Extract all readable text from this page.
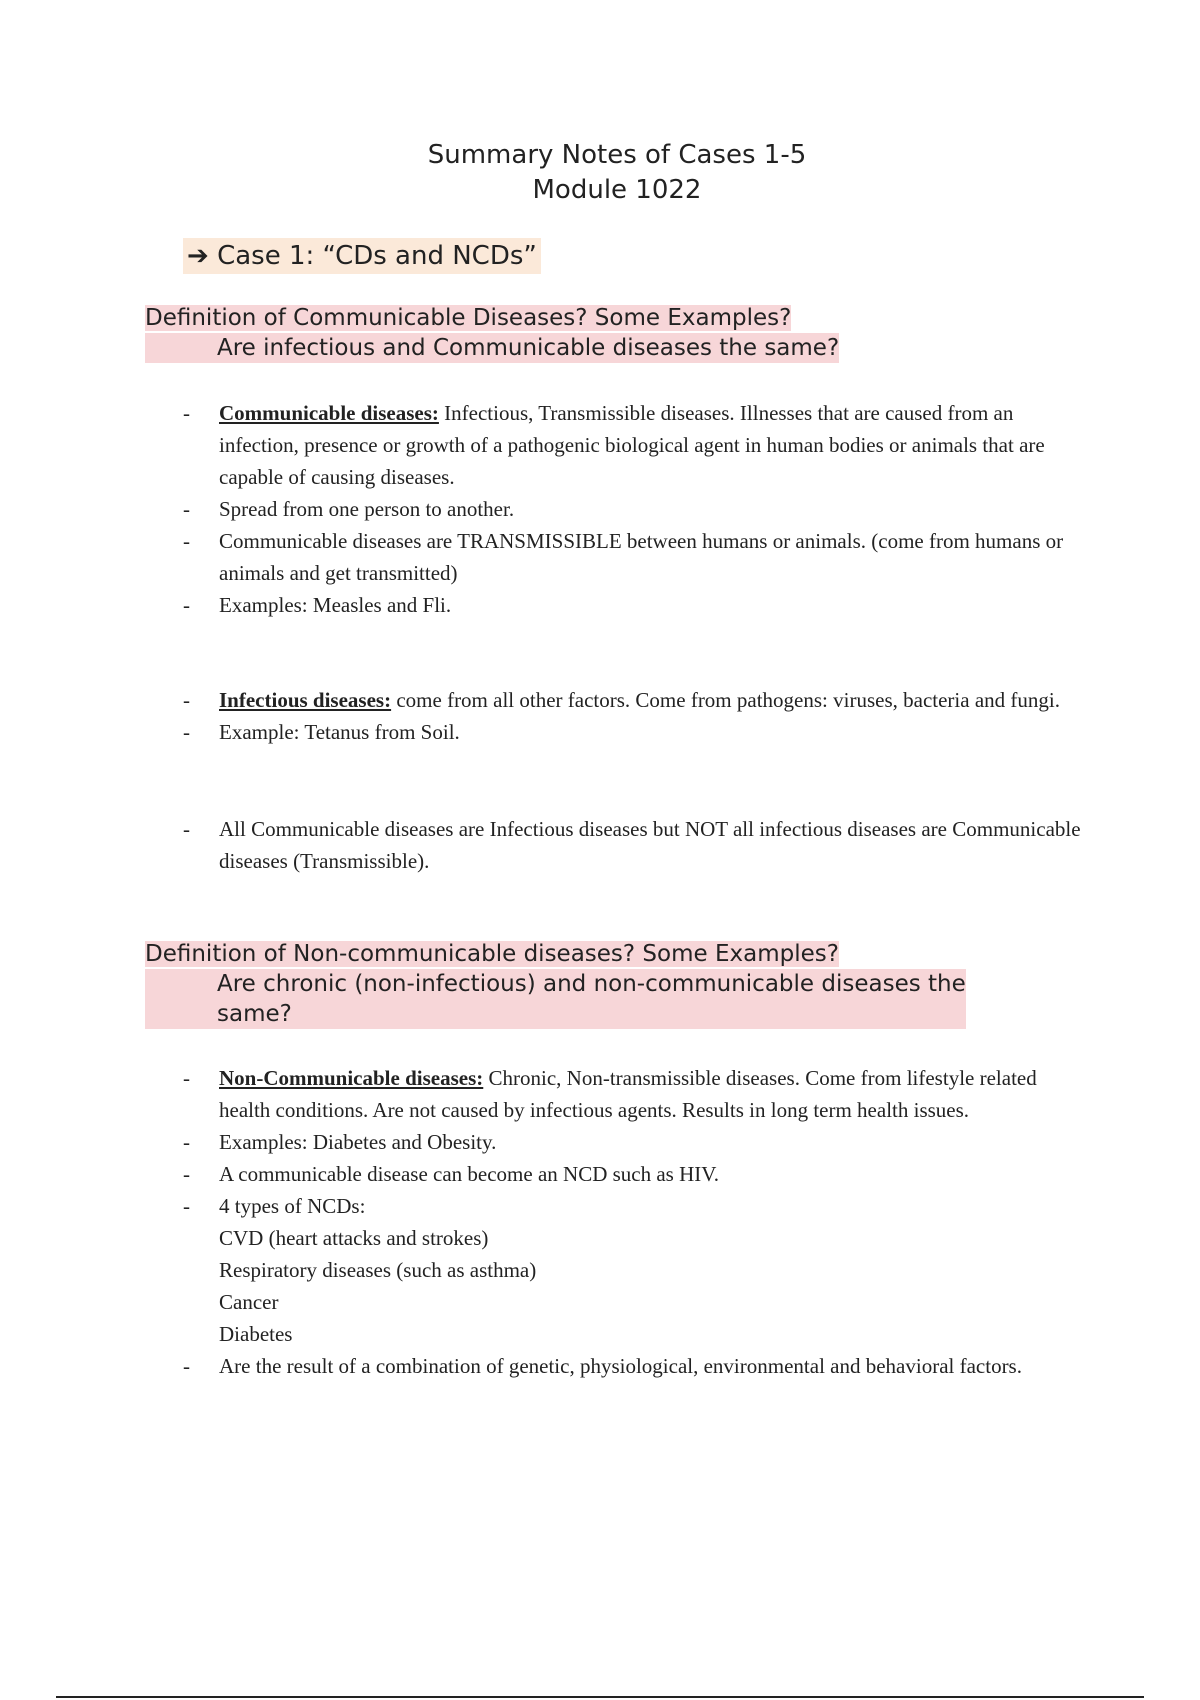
Summary Notes of Cases 1-5
Module 1022
➔ Case 1: “CDs and NCDs”
Definition of Communicable Diseases? Some Examples?
Are infectious and Communicable diseases the same?
- Communicable diseases: Infectious, Transmissible diseases. Illnesses that are caused from an infection, presence or growth of a pathogenic biological agent in human bodies or animals that are capable of causing diseases.
- Spread from one person to another.
- Communicable diseases are TRANSMISSIBLE between humans or animals. (come from humans or animals and get transmitted)
- Examples: Measles and Fli.
- Infectious diseases: come from all other factors. Come from pathogens: viruses, bacteria and fungi.
- Example: Tetanus from Soil.
- All Communicable diseases are Infectious diseases but NOT all infectious diseases are Communicable diseases (Transmissible).
Definition of Non-communicable diseases? Some Examples?
Are chronic (non-infectious) and non-communicable diseases the
same?
- Non-Communicable diseases: Chronic, Non-transmissible diseases. Come from lifestyle related health conditions. Are not caused by infectious agents. Results in long term health issues.
- Examples: Diabetes and Obesity.
- A communicable disease can become an NCD such as HIV.
- 4 types of NCDs:
CVD (heart attacks and strokes)
Respiratory diseases (such as asthma)
Cancer
Diabetes
- Are the result of a combination of genetic, physiological, environmental and behavioral factors.
